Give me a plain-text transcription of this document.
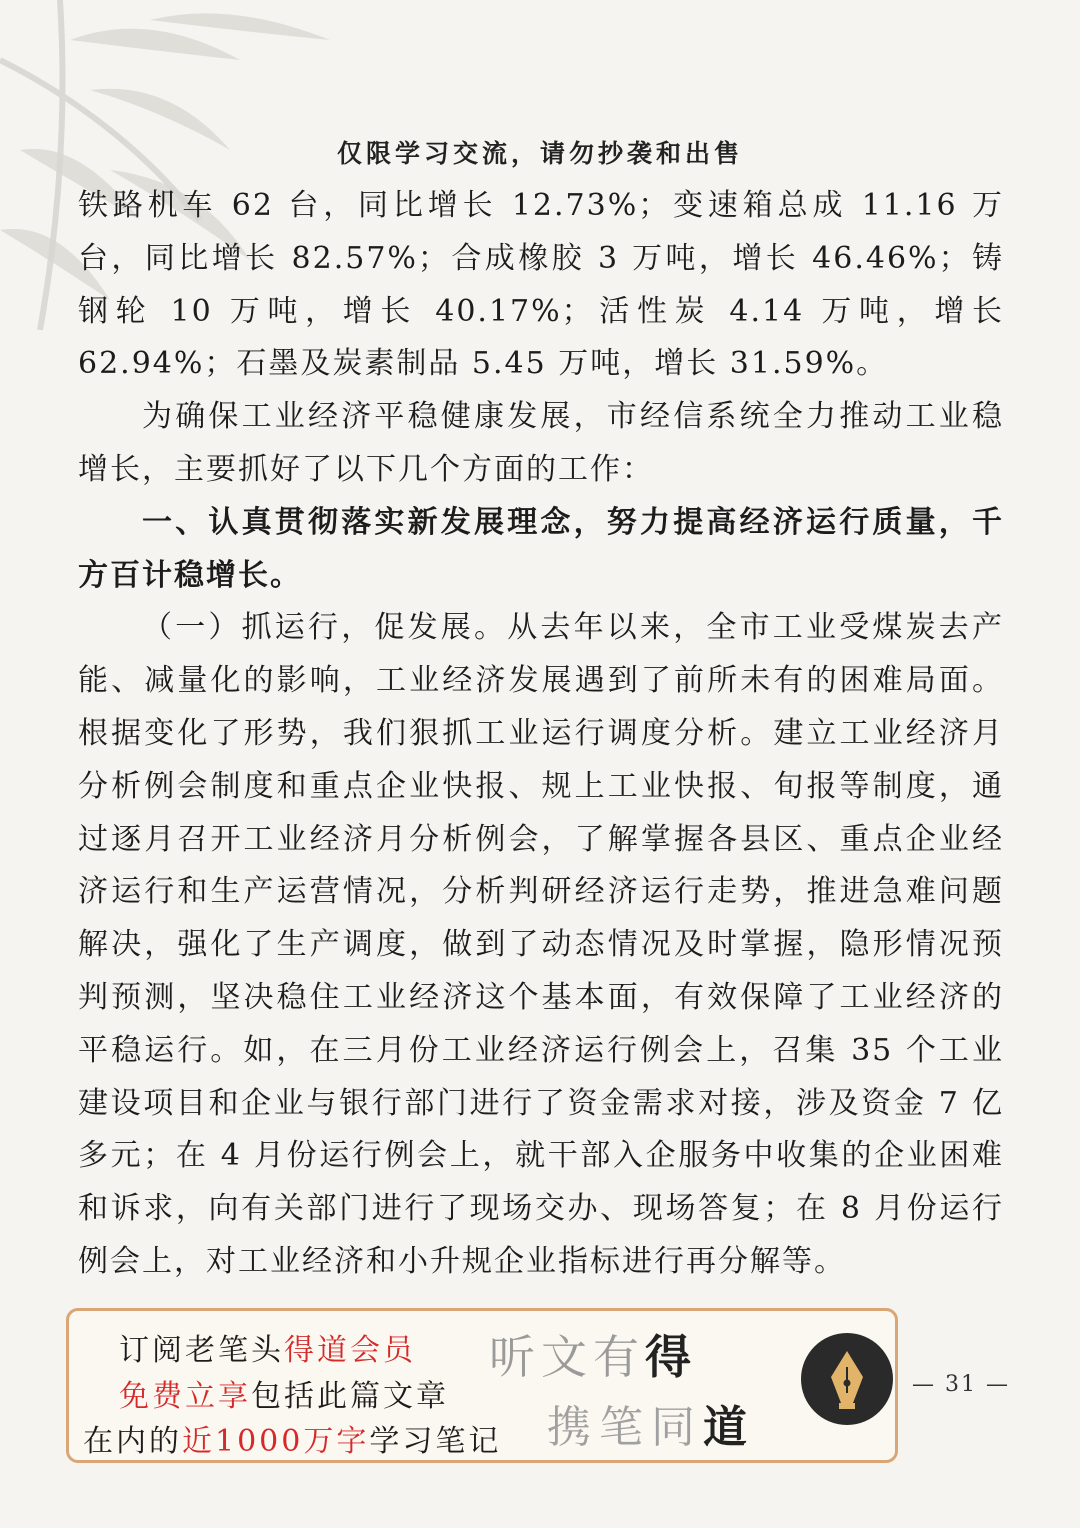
仅限学习交流，请勿抄袭和出售

铁路机车 62 台，同比增长 12.73%；变速箱总成 11.16 万台，同比增长 82.57%；合成橡胶 3 万吨，增长 46.46%；铸钢轮 10 万吨，增长 40.17%；活性炭 4.14 万吨，增长 62.94%；石墨及炭素制品 5.45 万吨，增长 31.59%。

为确保工业经济平稳健康发展，市经信系统全力推动工业稳增长，主要抓好了以下几个方面的工作：

一、认真贯彻落实新发展理念，努力提高经济运行质量，千方百计稳增长。

（一）抓运行，促发展。从去年以来，全市工业受煤炭去产能、减量化的影响，工业经济发展遇到了前所未有的困难局面。根据变化了形势，我们狠抓工业运行调度分析。建立工业经济月分析例会制度和重点企业快报、规上工业快报、旬报等制度，通过逐月召开工业经济月分析例会，了解掌握各县区、重点企业经济运行和生产运营情况，分析判研经济运行走势，推进急难问题解决，强化了生产调度，做到了动态情况及时掌握，隐形情况预判预测，坚决稳住工业经济这个基本面，有效保障了工业经济的平稳运行。如，在三月份工业经济运行例会上，召集 35 个工业建设项目和企业与银行部门进行了资金需求对接，涉及资金 7 亿多元；在 4 月份运行例会上，就干部入企服务中收集的企业困难和诉求，向有关部门进行了现场交办、现场答复；在 8 月份运行例会上，对工业经济和小升规企业指标进行再分解等。

订阅老笔头得道会员
免费立享包括此篇文章
在内的近1000万字学习笔记
听文有得
携笔同道
— 31 —
